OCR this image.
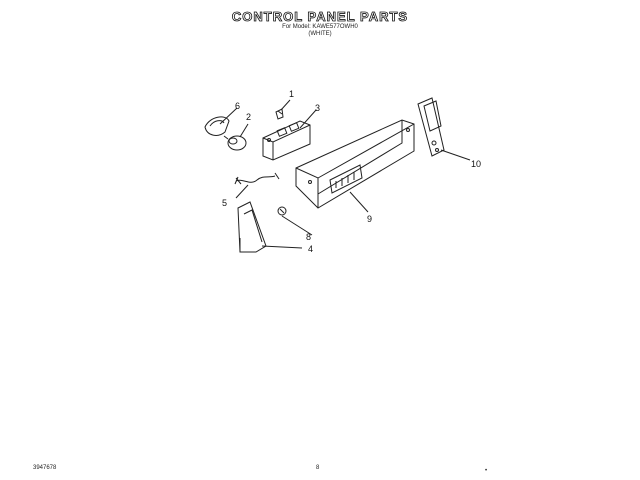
CONTROL PANEL PARTS
For Model: KAWE577OWH0
(WHITE)
1
2
3
4
5
6
8
9
10
3947678	8	•
